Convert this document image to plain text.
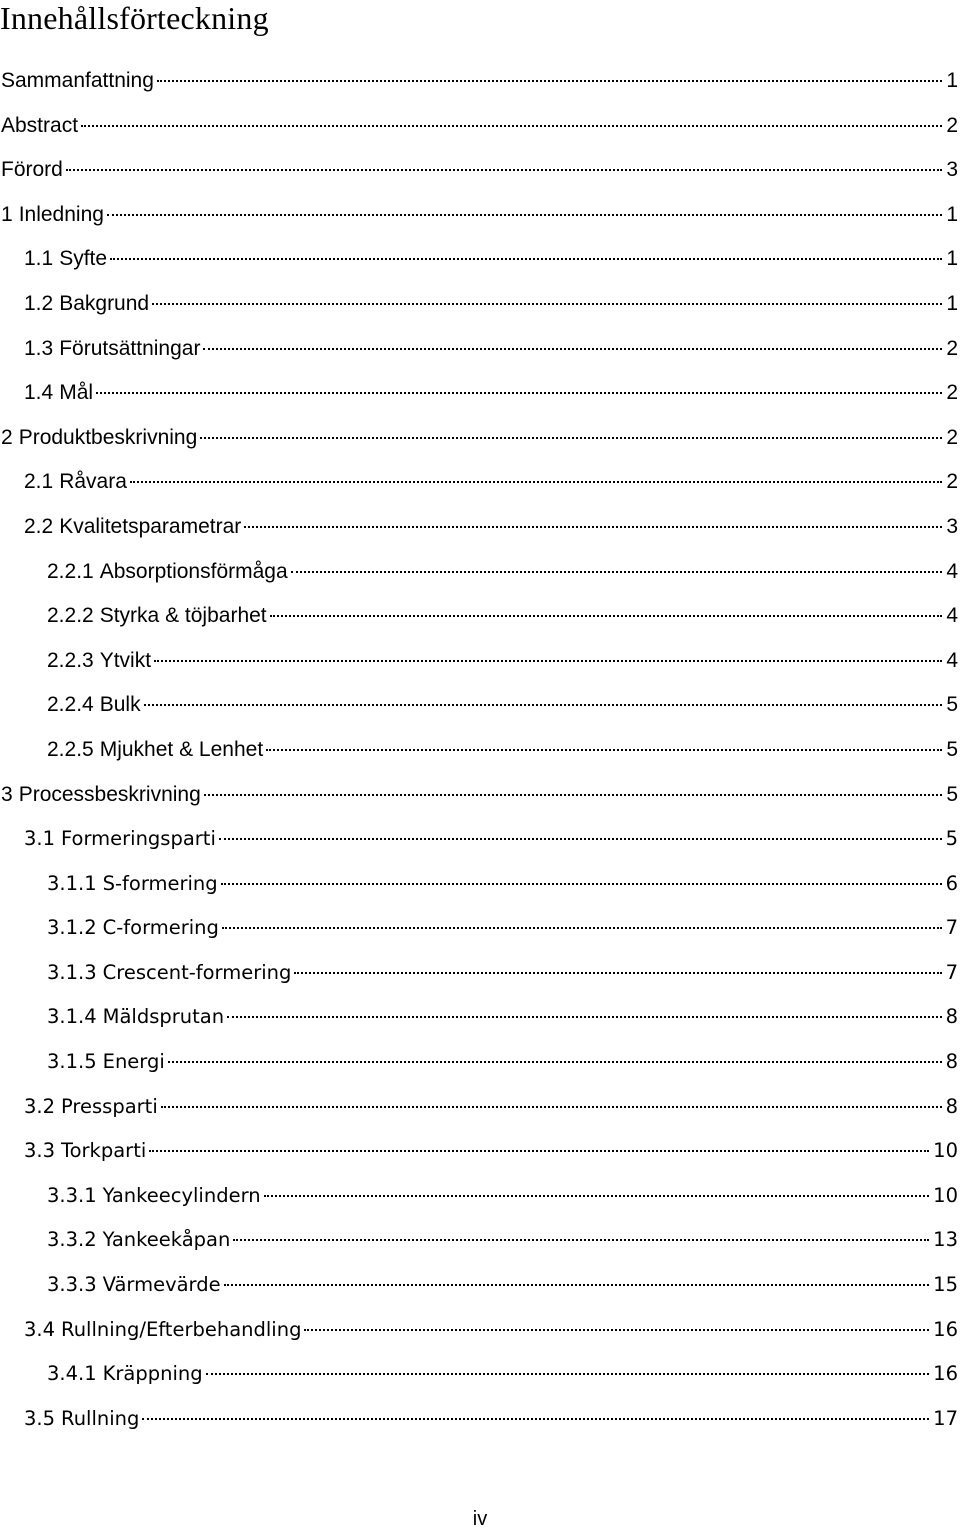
Innehållsförteckning
Sammanfattning	1
Abstract	2
Förord	3
1 Inledning	1
1.1 Syfte	1
1.2 Bakgrund	1
1.3 Förutsättningar	2
1.4 Mål	2
2 Produktbeskrivning	2
2.1 Råvara	2
2.2 Kvalitetsparametrar	3
2.2.1 Absorptionsförmåga	4
2.2.2 Styrka & töjbarhet	4
2.2.3 Ytvikt	4
2.2.4 Bulk	5
2.2.5 Mjukhet & Lenhet	5
3 Processbeskrivning	5
3.1 Formeringsparti	5
3.1.1 S-formering	6
3.1.2 C-formering	7
3.1.3 Crescent-formering	7
3.1.4 Mäldsprutan	8
3.1.5 Energi	8
3.2 Pressparti	8
3.3 Torkparti	10
3.3.1 Yankeecylindern	10
3.3.2 Yankeekåpan	13
3.3.3 Värmevärde	15
3.4 Rullning/Efterbehandling	16
3.4.1 Kräppning	16
3.5 Rullning	17
iv
